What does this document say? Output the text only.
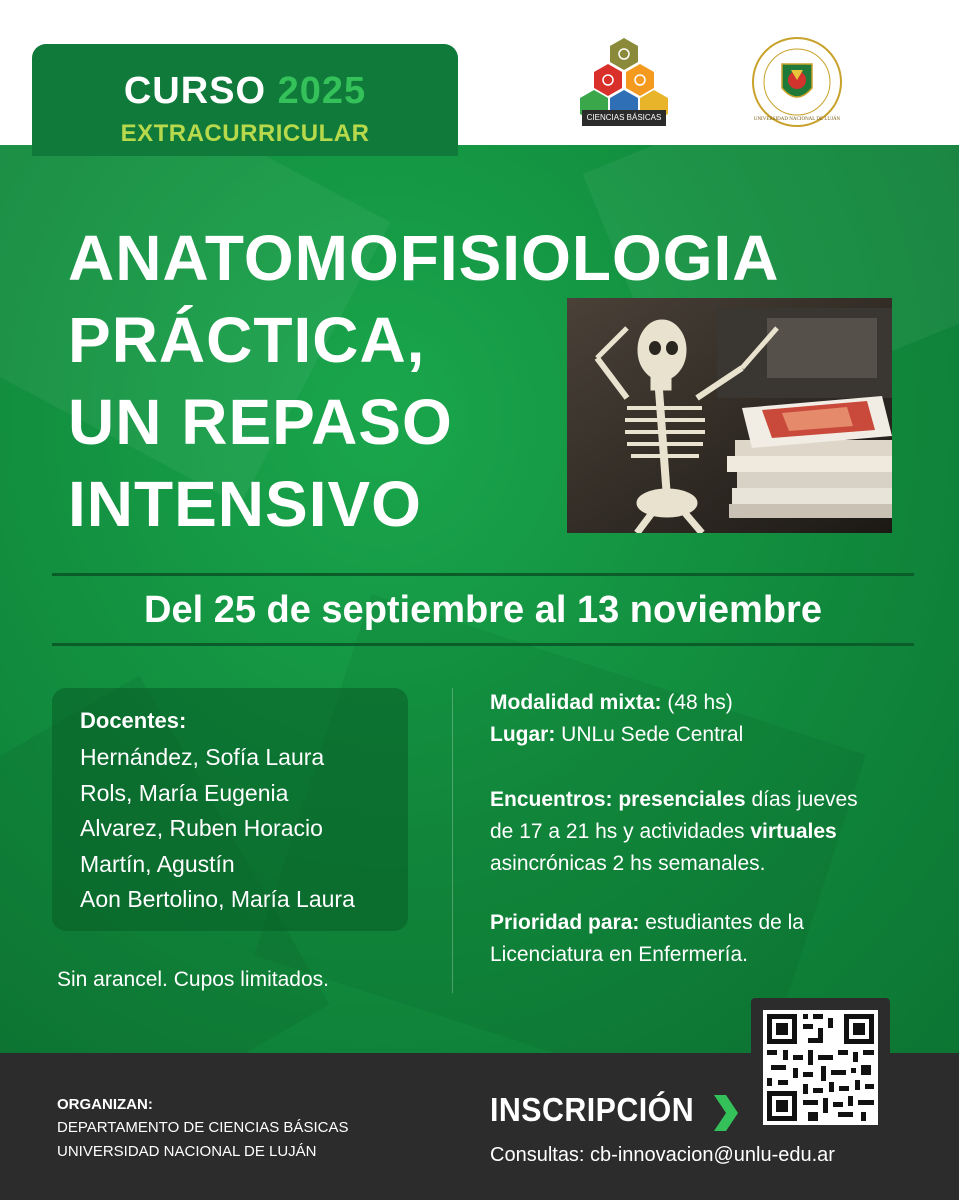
ANATOMOFISIOLOGIA
PRÁCTICA,
UN REPASO
INTENSIVO
Del 25 de septiembre al 13 noviembre
Docentes:
Hernández, Sofía Laura
Rols, María Eugenia
Alvarez, Ruben Horacio
Martín, Agustín
Aon Bertolino, María Laura
Sin arancel. Cupos limitados.
Modalidad mixta: (48 hs)
Lugar: UNLu Sede Central
Encuentros: presenciales días jueves
de 17 a 21 hs y actividades virtuales
asincrónicas 2 hs semanales.
Prioridad para: estudiantes de la
Licenciatura en Enfermería.
CURSO 2025
EXTRACURRICULAR
CIENCIAS BÁSICAS	UNIVERSIDAD NACIONAL DE LUJÁN
ORGANIZAN:
DEPARTAMENTO DE CIENCIAS BÁSICAS
UNIVERSIDAD NACIONAL DE LUJÁN
INSCRIPCIÓN
Consultas: cb-innovacion@unlu-edu.ar
